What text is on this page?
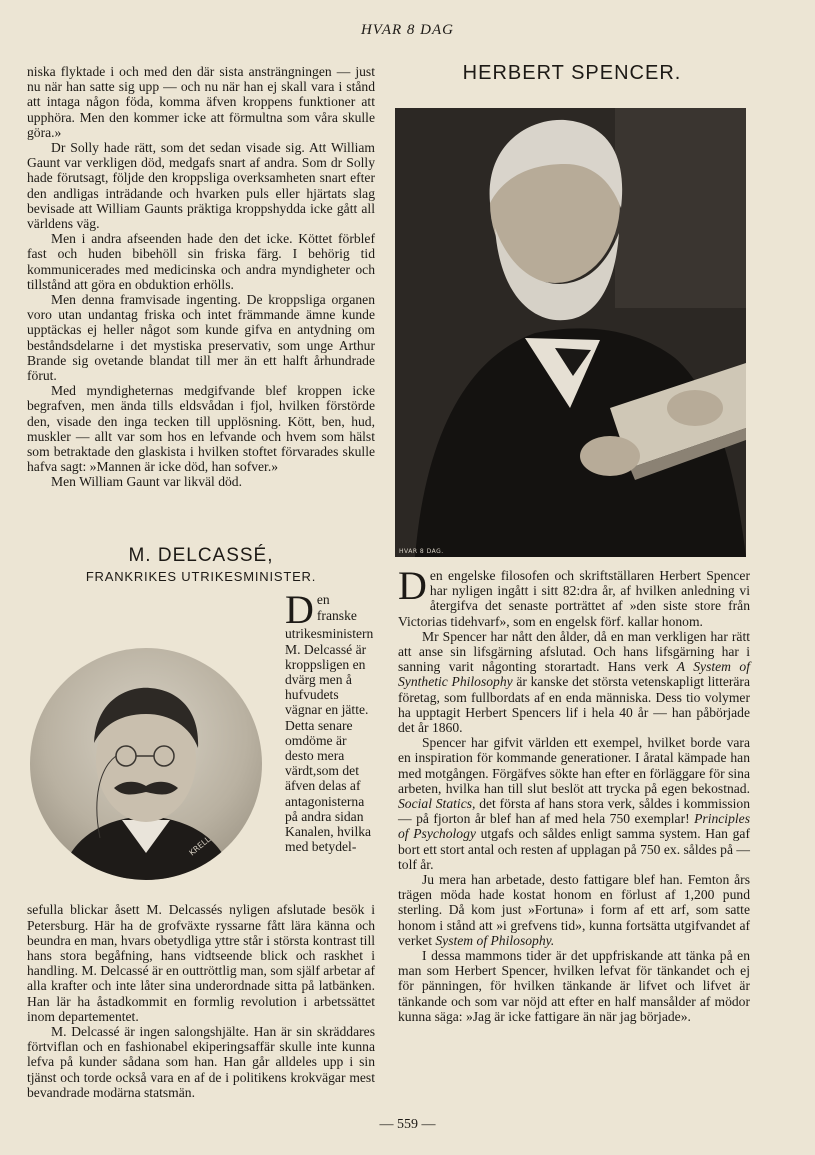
HVAR 8 DAG

niska flyktade i och med den där sista ansträngningen — just nu när han satte sig upp — och nu när han ej skall vara i stånd att intaga någon föda, komma äfven kroppens funktioner att upphöra. Men den kommer icke att förmultna som våra skulle göra.»

Dr Solly hade rätt, som det sedan visade sig. Att William Gaunt var verkligen död, medgafs snart af andra. Som dr Solly hade förutsagt, följde den kroppsliga overksamheten snart efter den andligas inträdande och hvarken puls eller hjärtats slag bevisade att William Gaunts präktiga kroppshydda icke gått all världens väg.

Men i andra afseenden hade den det icke. Köttet förblef fast och huden bibehöll sin friska färg. I behörig tid kommunicerades med medicinska och andra myndigheter och tillstånd att göra en obduktion erhölls.

Men denna framvisade ingenting. De kroppsliga organen voro utan undantag friska och intet främmande ämne kunde upptäckas ej heller något som kunde gifva en antydning om beståndsdelarne i det mystiska preservativ, som unge Arthur Brande sig ovetande blandat till mer än ett halft århundrade förut.

Med myndigheternas medgifvande blef kroppen icke begrafven, men ända tills eldsvådan i fjol, hvilken förstörde den, visade den inga tecken till upplösning. Kött, ben, hud, muskler — allt var som hos en lefvande och hvem som hälst som betraktade den glaskista i hvilken stoftet förvarades skulle hafva sagt: »Mannen är icke död, han sofver.»

Men William Gaunt var likväl död.

M. DELCASSÉ,
FRANKRIKES UTRIKESMINISTER.
KRELL
Den franske utrikesministern M. Delcassé är kroppsligen en dvärg men å hufvudets vägnar en jätte. Detta senare omdöme är desto mera värdt,som det äfven delas af antagonisterna på andra sidan Kanalen, hvilka med betydel-

sefulla blickar åsett M. Delcassés nyligen afslutade besök i Petersburg. Här ha de grofväxte ryssarne fått lära känna och beundra en man, hvars obetydliga yttre står i största kontrast till hans stora begåfning, hans vidtseende blick och raskhet i handling. M. Delcassé är en outtröttlig man, som själf arbetar af alla krafter och inte låter sina underordnade sitta på latbänken. Han lär ha åstadkommit en formlig revolution i arbetssättet inom departementet.

M. Delcassé är ingen salongshjälte. Han är sin skräddares förtviflan och en fashionabel ekiperingsaffär skulle inte kunna lefva på kunder sådana som han. Han går alldeles upp i sin tjänst och torde också vara en af de i politikens krokvägar mest bevandrade modärna statsmän.

HERBERT SPENCER.
HVAR 8 DAG.

Den engelske filosofen och skriftställaren Herbert Spencer har nyligen ingått i sitt 82:dra år, af hvilken anledning vi återgifva det senaste porträttet af »den siste store från Victorias tidehvarf», som en engelsk förf. kallar honom.

Mr Spencer har nått den ålder, då en man verkligen har rätt att anse sin lifsgärning afslutad. Och hans lifsgärning har i sanning varit någonting storartadt. Hans verk A System of Synthetic Philosophy är kanske det största vetenskapligt litterära företag, som fullbordats af en enda människa. Dess tio volymer ha upptagit Herbert Spencers lif i hela 40 år — han påbörjade det år 1860.

Spencer har gifvit världen ett exempel, hvilket borde vara en inspiration för kommande generationer. I åratal kämpade han med motgången. Förgäfves sökte han efter en förläggare för sina arbeten, hvilka han till slut beslöt att trycka på egen bekostnad. Social Statics, det första af hans stora verk, såldes i kommission — på fjorton år blef han af med hela 750 exemplar! Principles of Psychology utgafs och såldes enligt samma system. Han gaf bort ett stort antal och resten af upplagan på 750 ex. såldes på — tolf år.

Ju mera han arbetade, desto fattigare blef han. Femton års trägen möda hade kostat honom en förlust af 1,200 pund sterling. Då kom just »Fortuna» i form af ett arf, som satte honom i stånd att »i grefvens tid», kunna fortsätta utgifvandet af verket System of Philosophy.

I dessa mammons tider är det uppfriskande att tänka på en man som Herbert Spencer, hvilken lefvat för tänkandet och ej för pänningen, för hvilken tänkande är lifvet och lifvet är tänkande och som var nöjd att efter en half mansålder af mödor kunna säga: »Jag är icke fattigare än när jag började».

— 559 —
